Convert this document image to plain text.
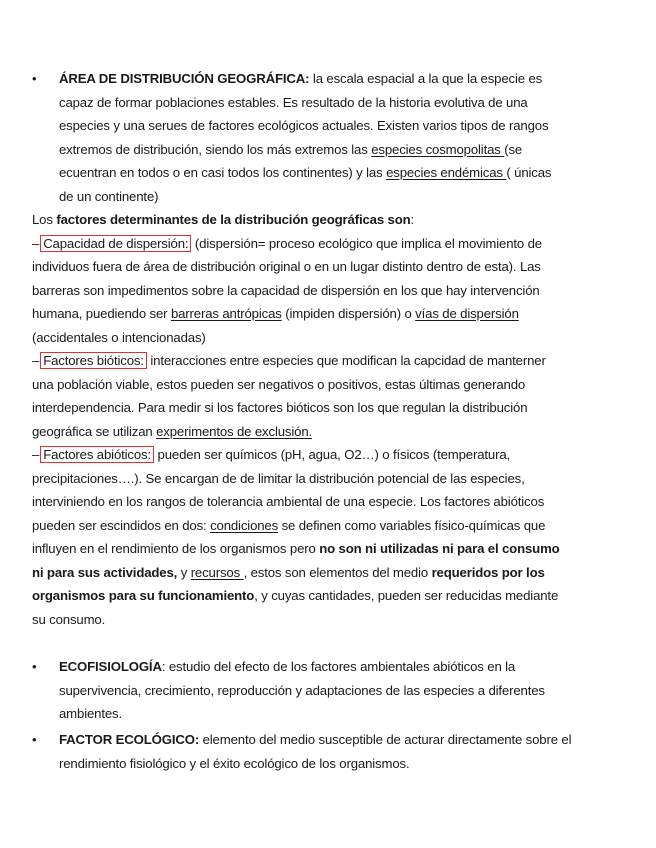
• ÁREA DE DISTRIBUCIÓN GEOGRÁFICA: la escala espacial a la que la especie es
capaz de formar poblaciones estables. Es resultado de la historia evolutiva de una
especies y una serues de factores ecológicos actuales. Existen varios tipos de rangos
extremos de distribución, siendo los más extremos las especies cosmopolitas (se
ecuentran en todos o en casi todos los continentes) y las especies endémicas ( únicas
de un continente)
Los factores determinantes de la distribución geográficas son:
– Capacidad de dispersión: (dispersión= proceso ecológico que implica el movimiento de
individuos fuera de área de distribución original o en un lugar distinto dentro de esta). Las
barreras son impedimentos sobre la capacidad de dispersión en los que hay intervención
humana, puediendo ser barreras antrópicas (impiden dispersión) o vías de dispersión
(accidentales o intencionadas)
– Factores bióticos: interacciones entre especies que modifican la capcidad de manterner
una población viable, estos pueden ser negativos o positivos, estas últimas generando
interdependencia. Para medir si los factores bióticos son los que regulan la distribución
geográfica se utilizan experimentos de exclusión.
– Factores abióticos: pueden ser químicos (pH, agua, O2…) o físicos (temperatura,
precipitaciones….). Se encargan de de limitar la distribución potencial de las especies,
interviniendo en los rangos de tolerancia ambiental de una especie. Los factores abióticos
pueden ser escindidos en dos: condiciones se definen como variables físico-químicas que
influyen en el rendimiento de los organismos pero no son ni utilizadas ni para el consumo
ni para sus actividades, y recursos , estos son elementos del medio requeridos por los
organismos para su funcionamiento, y cuyas cantidades, pueden ser reducidas mediante
su consumo.
• ECOFISIOLOGÍA: estudio del efecto de los factores ambientales abióticos en la
supervivencia, crecimiento, reproducción y adaptaciones de las especies a diferentes
ambientes.
• FACTOR ECOLÓGICO: elemento del medio susceptible de acturar directamente sobre el
rendimiento fisiológico y el éxito ecológico de los organismos.
